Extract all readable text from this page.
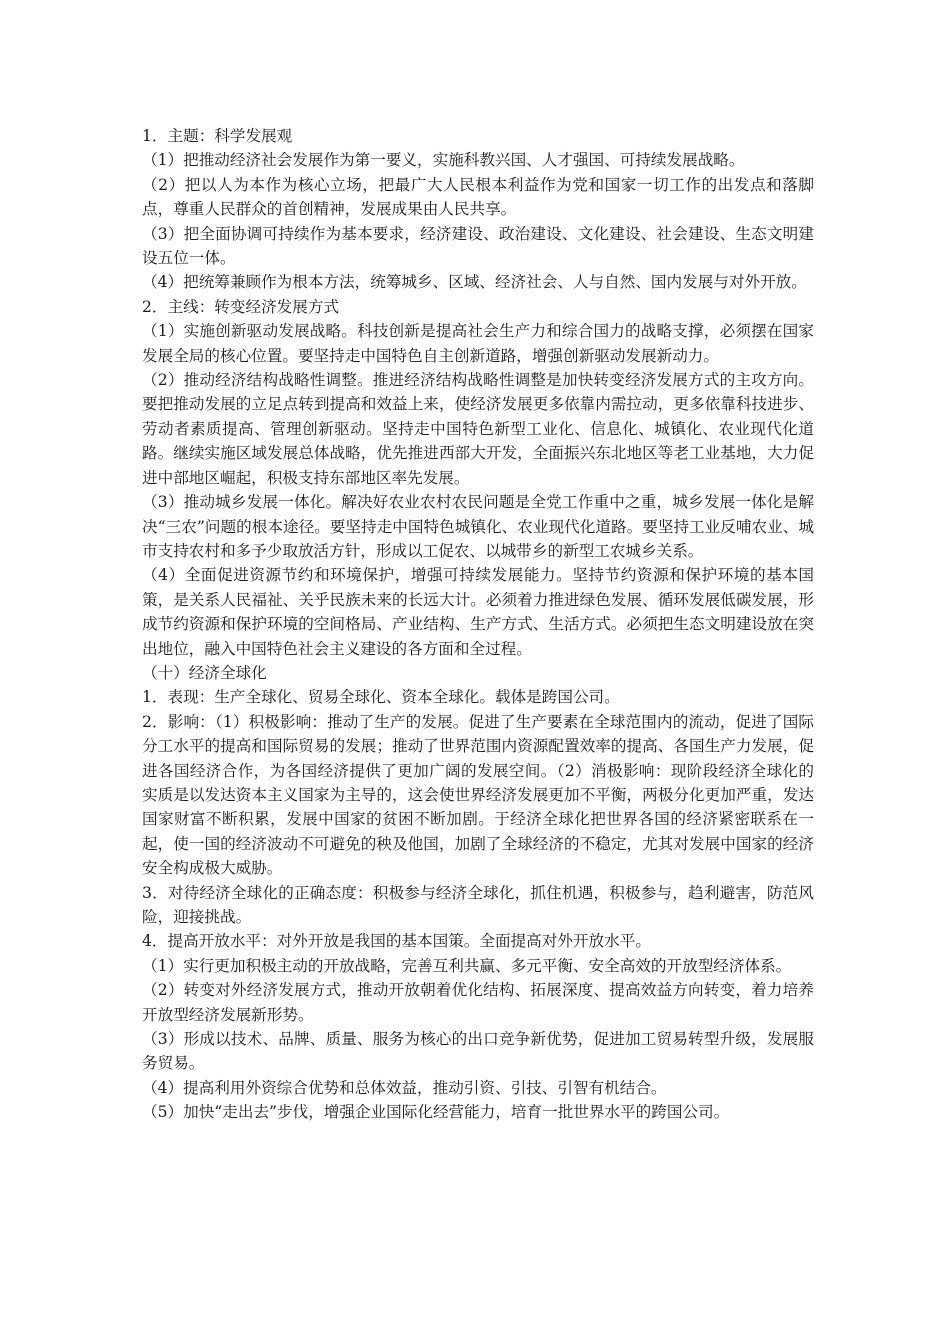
1．主题：科学发展观

（1）把推动经济社会发展作为第一要义，实施科教兴国、人才强国、可持续发展战略。

（2）把以人为本作为核心立场，把最广大人民根本利益作为党和国家一切工作的出发点和落脚点，尊重人民群众的首创精神，发展成果由人民共享。

（3）把全面协调可持续作为基本要求，经济建设、政治建设、文化建设、社会建设、生态文明建设五位一体。

（4）把统筹兼顾作为根本方法，统筹城乡、区域、经济社会、人与自然、国内发展与对外开放。

2．主线：转变经济发展方式

（1）实施创新驱动发展战略。科技创新是提高社会生产力和综合国力的战略支撑，必须摆在国家发展全局的核心位置。要坚持走中国特色自主创新道路，增强创新驱动发展新动力。

（2）推动经济结构战略性调整。推进经济结构战略性调整是加快转变经济发展方式的主攻方向。要把推动发展的立足点转到提高和效益上来，使经济发展更多依靠内需拉动，更多依靠科技进步、劳动者素质提高、管理创新驱动。坚持走中国特色新型工业化、信息化、城镇化、农业现代化道路。继续实施区域发展总体战略，优先推进西部大开发，全面振兴东北地区等老工业基地，大力促进中部地区崛起，积极支持东部地区率先发展。

（3）推动城乡发展一体化。解决好农业农村农民问题是全党工作重中之重，城乡发展一体化是解决“三农”问题的根本途径。要坚持走中国特色城镇化、农业现代化道路。要坚持工业反哺农业、城市支持农村和多予少取放活方针，形成以工促农、以城带乡的新型工农城乡关系。

（4）全面促进资源节约和环境保护，增强可持续发展能力。坚持节约资源和保护环境的基本国策，是关系人民福祉、关乎民族未来的长远大计。必须着力推进绿色发展、循环发展低碳发展，形成节约资源和保护环境的空间格局、产业结构、生产方式、生活方式。必须把生态文明建设放在突出地位，融入中国特色社会主义建设的各方面和全过程。

（十）经济全球化

1．表现：生产全球化、贸易全球化、资本全球化。载体是跨国公司。

2．影响：（1）积极影响：推动了生产的发展。促进了生产要素在全球范围内的流动，促进了国际分工水平的提高和国际贸易的发展；推动了世界范围内资源配置效率的提高、各国生产力发展，促进各国经济合作，为各国经济提供了更加广阔的发展空间。（2）消极影响：现阶段经济全球化的实质是以发达资本主义国家为主导的，这会使世界经济发展更加不平衡，两极分化更加严重，发达国家财富不断积累，发展中国家的贫困不断加剧。于经济全球化把世界各国的经济紧密联系在一起，使一国的经济波动不可避免的秧及他国，加剧了全球经济的不稳定，尤其对发展中国家的经济安全构成极大威胁。

3．对待经济全球化的正确态度：积极参与经济全球化，抓住机遇，积极参与，趋利避害，防范风险，迎接挑战。

4．提高开放水平：对外开放是我国的基本国策。全面提高对外开放水平。

（1）实行更加积极主动的开放战略，完善互利共赢、多元平衡、安全高效的开放型经济体系。

（2）转变对外经济发展方式，推动开放朝着优化结构、拓展深度、提高效益方向转变，着力培养开放型经济发展新形势。

（3）形成以技术、品牌、质量、服务为核心的出口竞争新优势，促进加工贸易转型升级，发展服务贸易。

（4）提高利用外资综合优势和总体效益，推动引资、引技、引智有机结合。

（5）加快“走出去”步伐，增强企业国际化经营能力，培育一批世界水平的跨国公司。
